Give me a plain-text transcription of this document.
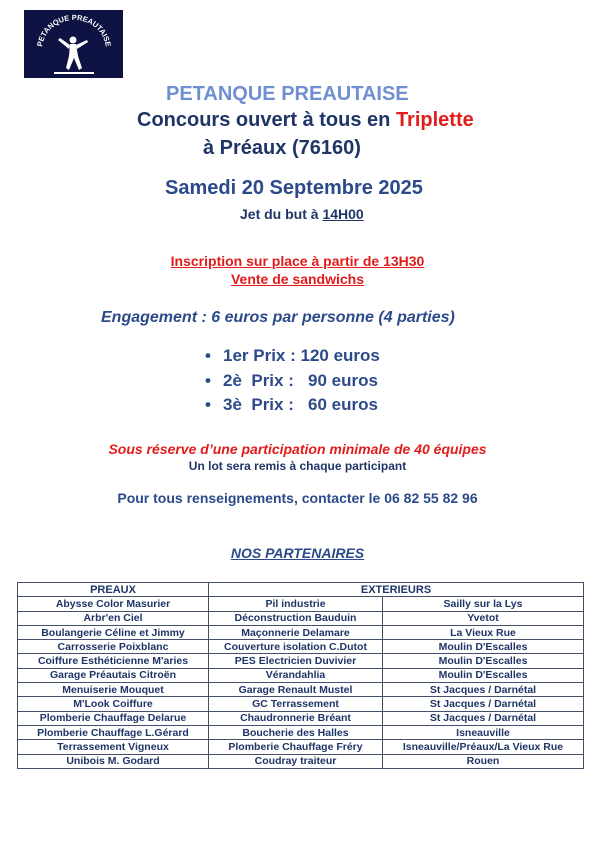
PETANQUE PREAUTAISE
PETANQUE PREAUTAISE
Concours ouvert à tous en Triplette
à Préaux (76160)
Samedi 20 Septembre 2025
Jet du but à 14H00
Inscription sur place à partir de 13H30
Vente de sandwichs
Engagement : 6 euros par personne (4 parties)
• 1er Prix : 120 euros
• 2è  Prix :   90 euros
• 3è  Prix :   60 euros
Sous réserve d’une participation minimale de 40 équipes
Un lot sera remis à chaque participant
Pour tous renseignements, contacter le 06 82 55 82 96
NOS PARTENAIRES
PREAUX	EXTERIEURS	
Abysse Color Masurier	Pil industrie	Sailly sur la Lys
Arbr'en Ciel	Déconstruction Bauduin	Yvetot
Boulangerie Céline et Jimmy	Maçonnerie Delamare	La Vieux Rue
Carrosserie Poixblanc	Couverture isolation C.Dutot	Moulin D'Escalles
Coiffure Esthéticienne M'aries	PES Electricien Duvivier	Moulin D'Escalles
Garage Préautais Citroën	Vérandahlia	Moulin D'Escalles
Menuiserie Mouquet	Garage Renault Mustel	St Jacques / Darnétal
M'Look Coiffure	GC Terrassement	St Jacques / Darnétal
Plomberie Chauffage Delarue	Chaudronnerie Bréant	St Jacques / Darnétal
Plomberie Chauffage L.Gérard	Boucherie des Halles	Isneauville
Terrassement Vigneux	Plomberie Chauffage Fréry	Isneauville/Préaux/La Vieux Rue
Unibois M. Godard	Coudray traiteur	Rouen
